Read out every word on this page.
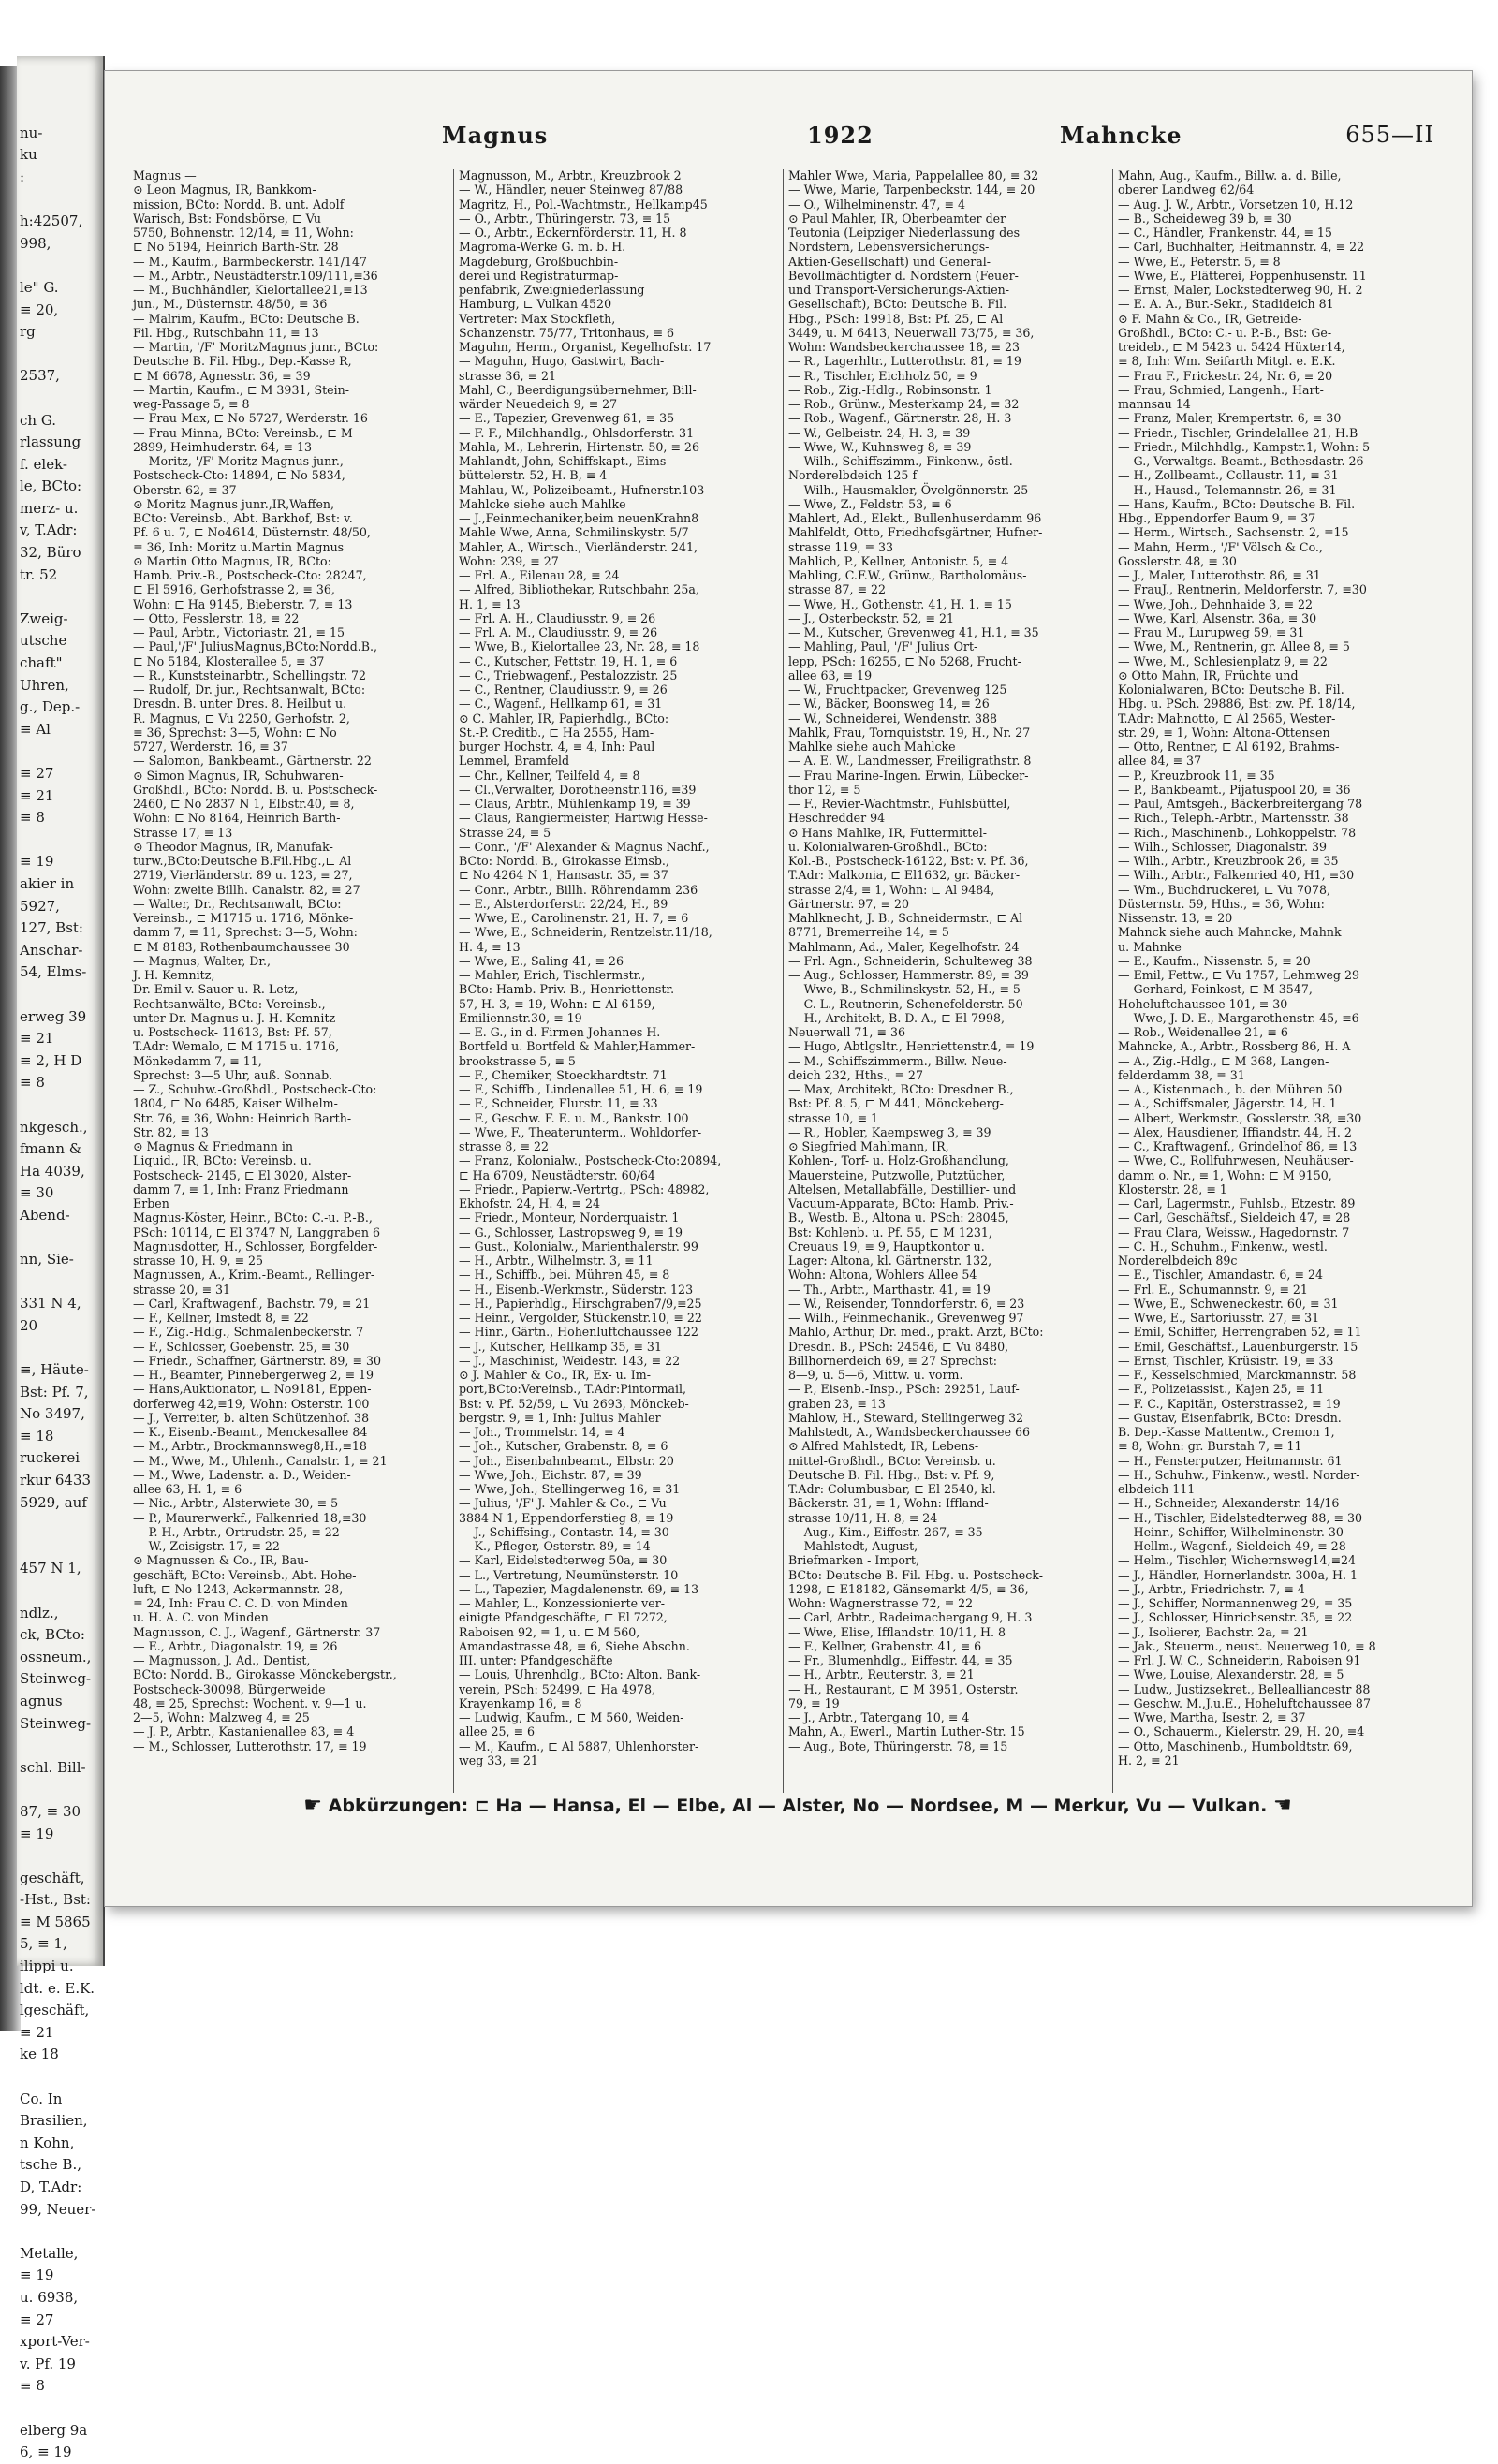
nu-
ku
:
h:42507,
998,
le" G.
≡ 20,
rg
2537,
ch G.
rlassung
f. elek-
le, BCto:
merz- u.
v, T.Adr:
32, Büro
tr. 52
Zweig-
utsche
chaft"
Uhren,
g., Dep.-
≡ Al
≡ 27
≡ 21
≡ 8
≡ 19
akier in
5927,
127, Bst:
Anschar-
54, Elms-
erweg 39
≡ 21
≡ 2, H D
≡ 8
nkgesch.,
fmann &
Ha 4039,
≡ 30
Abend-
nn, Sie-
331 N 4,
20
≡, Häute-
Bst: Pf. 7,
No 3497,
≡ 18
ruckerei
rkur 6433
5929, auf
457 N 1,
ndlz.,
ck, BCto:
ossneum.,
Steinweg-
agnus
Steinweg-
schl. Bill-
87, ≡ 30
≡ 19
geschäft,
-Hst., Bst:
≡ M 5865
5, ≡ 1,
ilippi u.
ldt. e. E.K.
lgeschäft,
≡ 21
ke 18
Co. In
Brasilien,
n Kohn,
tsche B.,
D, T.Adr:
99, Neuer-
Metalle,
≡ 19
u. 6938,
≡ 27
xport-Ver-
v. Pf. 19
≡ 8
elberg 9a
6, ≡ 19
Magnus	1922	Mahncke	655—II
Magnus —
⊙ Leon Magnus, IR, Bankkom-
mission, BCto: Nordd. B. unt. Adolf
Warisch, Bst: Fondsbörse, ⊏ Vu
5750, Bohnenstr. 12/14, ≡ 11, Wohn:
⊏ No 5194, Heinrich Barth-Str. 28
— M., Kaufm., Barmbeckerstr. 141/147
— M., Arbtr., Neustädterstr.109/111,≡36
— M., Buchhändler, Kielortallee21,≡13
jun., M., Düsternstr. 48/50, ≡ 36
— Malrim, Kaufm., BCto: Deutsche B.
Fil. Hbg., Rutschbahn 11, ≡ 13
— Martin, '/F' MoritzMagnus junr., BCto:
Deutsche B. Fil. Hbg., Dep.-Kasse R,
⊏ M 6678, Agnesstr. 36, ≡ 39
— Martin, Kaufm., ⊏ M 3931, Stein-
weg-Passage 5, ≡ 8
— Frau Max, ⊏ No 5727, Werderstr. 16
— Frau Minna, BCto: Vereinsb., ⊏ M
2899, Heimhuderstr. 64, ≡ 13
— Moritz, '/F' Moritz Magnus junr.,
Postscheck-Cto: 14894, ⊏ No 5834,
Oberstr. 62, ≡ 37
⊙ Moritz Magnus junr.,IR,Waffen,
BCto: Vereinsb., Abt. Barkhof, Bst: v.
Pf. 6 u. 7, ⊏ No4614, Düsternstr. 48/50,
≡ 36, Inh: Moritz u.Martin Magnus
⊙ Martin Otto Magnus, IR, BCto:
Hamb. Priv.-B., Postscheck-Cto: 28247,
⊏ El 5916, Gerhofstrasse 2, ≡ 36,
Wohn: ⊏ Ha 9145, Bieberstr. 7, ≡ 13
— Otto, Fesslerstr. 18, ≡ 22
— Paul, Arbtr., Victoriastr. 21, ≡ 15
— Paul,'/F' JuliusMagnus,BCto:Nordd.B.,
⊏ No 5184, Klosterallee 5, ≡ 37
— R., Kunststeinarbtr., Schellingstr. 72
— Rudolf, Dr. jur., Rechtsanwalt, BCto:
Dresdn. B. unter Dres. 8. Heilbut u.
R. Magnus, ⊏ Vu 2250, Gerhofstr. 2,
≡ 36, Sprechst: 3—5, Wohn: ⊏ No
5727, Werderstr. 16, ≡ 37
— Salomon, Bankbeamt., Gärtnerstr. 22
⊙ Simon Magnus, IR, Schuhwaren-
Großhdl., BCto: Nordd. B. u. Postscheck-
2460, ⊏ No 2837 N 1, Elbstr.40, ≡ 8,
Wohn: ⊏ No 8164, Heinrich Barth-
Strasse 17, ≡ 13
⊙ Theodor Magnus, IR, Manufak-
turw.,BCto:Deutsche B.Fil.Hbg.,⊏ Al
2719, Vierländerstr. 89 u. 123, ≡ 27,
Wohn: zweite Billh. Canalstr. 82, ≡ 27
— Walter, Dr., Rechtsanwalt, BCto:
Vereinsb., ⊏ M1715 u. 1716, Mönke-
damm 7, ≡ 11, Sprechst: 3—5, Wohn:
⊏ M 8183, Rothenbaumchaussee 30
— Magnus, Walter, Dr.,
J. H. Kemnitz,
Dr. Emil v. Sauer u. R. Letz,
Rechtsanwälte, BCto: Vereinsb.,
unter Dr. Magnus u. J. H. Kemnitz
u. Postscheck- 11613, Bst: Pf. 57,
T.Adr: Wemalo, ⊏ M 1715 u. 1716,
Mönkedamm 7, ≡ 11,
Sprechst: 3—5 Uhr, auß. Sonnab.
— Z., Schuhw.-Großhdl., Postscheck-Cto:
1804, ⊏ No 6485, Kaiser Wilhelm-
Str. 76, ≡ 36, Wohn: Heinrich Barth-
Str. 82, ≡ 13
⊙ Magnus & Friedmann in
Liquid., IR, BCto: Vereinsb. u.
Postscheck- 2145, ⊏ El 3020, Alster-
damm 7, ≡ 1, Inh: Franz Friedmann
Erben
Magnus-Köster, Heinr., BCto: C.-u. P.-B.,
PSch: 10114, ⊏ El 3747 N, Langgraben 6
Magnusdotter, H., Schlosser, Borgfelder-
strasse 10, H. 9, ≡ 25
Magnussen, A., Krim.-Beamt., Rellinger-
strasse 20, ≡ 31
— Carl, Kraftwagenf., Bachstr. 79, ≡ 21
— F., Kellner, Imstedt 8, ≡ 22
— F., Zig.-Hdlg., Schmalenbeckerstr. 7
— F., Schlosser, Goebenstr. 25, ≡ 30
— Friedr., Schaffner, Gärtnerstr. 89, ≡ 30
— H., Beamter, Pinnebergerweg 2, ≡ 19
— Hans,Auktionator, ⊏ No9181, Eppen-
dorferweg 42,≡19, Wohn: Osterstr. 100
— J., Verreiter, b. alten Schützenhof. 38
— K., Eisenb.-Beamt., Menckesallee 84
— M., Arbtr., Brockmannsweg8,H.,≡18
— M., Wwe, M., Uhlenh., Canalstr. 1, ≡ 21
— M., Wwe, Ladenstr. a. D., Weiden-
allee 63, H. 1, ≡ 6
— Nic., Arbtr., Alsterwiete 30, ≡ 5
— P., Maurerwerkf., Falkenried 18,≡30
— P. H., Arbtr., Ortrudstr. 25, ≡ 22
— W., Zeisigstr. 17, ≡ 22
⊙ Magnussen & Co., IR, Bau-
geschäft, BCto: Vereinsb., Abt. Hohe-
luft, ⊏ No 1243, Ackermannstr. 28,
≡ 24, Inh: Frau C. C. D. von Minden
u. H. A. C. von Minden
Magnusson, C. J., Wagenf., Gärtnerstr. 37
— E., Arbtr., Diagonalstr. 19, ≡ 26
— Magnusson, J. Ad., Dentist,
BCto: Nordd. B., Girokasse Mönckebergstr.,
Postscheck-30098, Bürgerweide
48, ≡ 25, Sprechst: Wochent. v. 9—1 u.
2—5, Wohn: Malzweg 4, ≡ 25
— J. P., Arbtr., Kastanienallee 83, ≡ 4
— M., Schlosser, Lutterothstr. 17, ≡ 19
Magnusson, M., Arbtr., Kreuzbrook 2
— W., Händler, neuer Steinweg 87/88
Magritz, H., Pol.-Wachtmstr., Hellkamp45
— O., Arbtr., Thüringerstr. 73, ≡ 15
— O., Arbtr., Eckernförderstr. 11, H. 8
Magroma-Werke G. m. b. H.
Magdeburg, Großbuchbin-
derei und Registraturmap-
penfabrik, Zweigniederlassung
Hamburg, ⊏ Vulkan 4520
Vertreter: Max Stockfleth,
Schanzenstr. 75/77, Tritonhaus, ≡ 6
Maguhn, Herm., Organist, Kegelhofstr. 17
— Maguhn, Hugo, Gastwirt, Bach-
strasse 36, ≡ 21
Mahl, C., Beerdigungsübernehmer, Bill-
wärder Neuedeich 9, ≡ 27
— E., Tapezier, Grevenweg 61, ≡ 35
— F. F., Milchhandlg., Ohlsdorferstr. 31
Mahla, M., Lehrerin, Hirtenstr. 50, ≡ 26
Mahlandt, John, Schiffskapt., Eims-
büttelerstr. 52, H. B, ≡ 4
Mahlau, W., Polizeibeamt., Hufnerstr.103
Mahlcke siehe auch Mahlke
— J.,Feinmechaniker,beim neuenKrahn8
Mahle Wwe, Anna, Schmilinskystr. 5/7
Mahler, A., Wirtsch., Vierländerstr. 241,
Wohn: 239, ≡ 27
— Frl. A., Eilenau 28, ≡ 24
— Alfred, Bibliothekar, Rutschbahn 25a,
H. 1, ≡ 13
— Frl. A. H., Claudiusstr. 9, ≡ 26
— Frl. A. M., Claudiusstr. 9, ≡ 26
— Wwe, B., Kielortallee 23, Nr. 28, ≡ 18
— C., Kutscher, Fettstr. 19, H. 1, ≡ 6
— C., Triebwagenf., Pestalozzistr. 25
— C., Rentner, Claudiusstr. 9, ≡ 26
— C., Wagenf., Hellkamp 61, ≡ 31
⊙ C. Mahler, IR, Papierhdlg., BCto:
St.-P. Creditb., ⊏ Ha 2555, Ham-
burger Hochstr. 4, ≡ 4, Inh: Paul
Lemmel, Bramfeld
— Chr., Kellner, Teilfeld 4, ≡ 8
— Cl.,Verwalter, Dorotheenstr.116, ≡39
— Claus, Arbtr., Mühlenkamp 19, ≡ 39
— Claus, Rangiermeister, Hartwig Hesse-
Strasse 24, ≡ 5
— Conr., '/F' Alexander & Magnus Nachf.,
BCto: Nordd. B., Girokasse Eimsb.,
⊏ No 4264 N 1, Hansastr. 35, ≡ 37
— Conr., Arbtr., Billh. Röhrendamm 236
— E., Alsterdorferstr. 22/24, H., 89
— Wwe, E., Carolinenstr. 21, H. 7, ≡ 6
— Wwe, E., Schneiderin, Rentzelstr.11/18,
H. 4, ≡ 13
— Wwe, E., Saling 41, ≡ 26
— Mahler, Erich, Tischlermstr.,
BCto: Hamb. Priv.-B., Henriettenstr.
57, H. 3, ≡ 19, Wohn: ⊏ Al 6159,
Emiliennstr.30, ≡ 19
— E. G., in d. Firmen Johannes H.
Bortfeld u. Bortfeld & Mahler,Hammer-
brookstrasse 5, ≡ 5
— F., Chemiker, Stoeckhardtstr. 71
— F., Schiffb., Lindenallee 51, H. 6, ≡ 19
— F., Schneider, Flurstr. 11, ≡ 33
— F., Geschw. F. E. u. M., Bankstr. 100
— Wwe, F., Theaterunterm., Wohldorfer-
strasse 8, ≡ 22
— Franz, Kolonialw., Postscheck-Cto:20894,
⊏ Ha 6709, Neustädterstr. 60/64
— Friedr., Papierw.-Vertrtg., PSch: 48982,
Ekhofstr. 24, H. 4, ≡ 24
— Friedr., Monteur, Norderquaistr. 1
— G., Schlosser, Lastropsweg 9, ≡ 19
— Gust., Kolonialw., Marienthalerstr. 99
— H., Arbtr., Wilhelmstr. 3, ≡ 11
— H., Schiffb., bei. Mühren 45, ≡ 8
— H., Eisenb.-Werkmstr., Süderstr. 123
— H., Papierhdlg., Hirschgraben7/9,≡25
— Heinr., Vergolder, Stückenstr.10, ≡ 22
— Hinr., Gärtn., Hohenluftchaussee 122
— J., Kutscher, Hellkamp 35, ≡ 31
— J., Maschinist, Weidestr. 143, ≡ 22
⊙ J. Mahler & Co., IR, Ex- u. Im-
port,BCto:Vereinsb., T.Adr:Pintormail,
Bst: v. Pf. 52/59, ⊏ Vu 2693, Mönckeb-
bergstr. 9, ≡ 1, Inh: Julius Mahler
— Joh., Trommelstr. 14, ≡ 4
— Joh., Kutscher, Grabenstr. 8, ≡ 6
— Joh., Eisenbahnbeamt., Elbstr. 20
— Wwe, Joh., Eichstr. 87, ≡ 39
— Wwe, Joh., Stellingerweg 16, ≡ 31
— Julius, '/F' J. Mahler & Co., ⊏ Vu
3884 N 1, Eppendorferstieg 8, ≡ 19
— J., Schiffsing., Contastr. 14, ≡ 30
— K., Pfleger, Osterstr. 89, ≡ 14
— Karl, Eidelstedterweg 50a, ≡ 30
— L., Vertretung, Neumünsterstr. 10
— L., Tapezier, Magdalenenstr. 69, ≡ 13
— Mahler, L., Konzessionierte ver-
einigte Pfandgeschäfte, ⊏ El 7272,
Raboisen 92, ≡ 1, u. ⊏ M 560,
Amandastrasse 48, ≡ 6, Siehe Abschn.
III. unter: Pfandgeschäfte
— Louis, Uhrenhdlg., BCto: Alton. Bank-
verein, PSch: 52499, ⊏ Ha 4978,
Krayenkamp 16, ≡ 8
— Ludwig, Kaufm., ⊏ M 560, Weiden-
allee 25, ≡ 6
— M., Kaufm., ⊏ Al 5887, Uhlenhorster-
weg 33, ≡ 21
Mahler Wwe, Maria, Pappelallee 80, ≡ 32
— Wwe, Marie, Tarpenbeckstr. 144, ≡ 20
— O., Wilhelminenstr. 47, ≡ 4
⊙ Paul Mahler, IR, Oberbeamter der
Teutonia (Leipziger Niederlassung des
Nordstern, Lebensversicherungs-
Aktien-Gesellschaft) und General-
Bevollmächtigter d. Nordstern (Feuer-
und Transport-Versicherungs-Aktien-
Gesellschaft), BCto: Deutsche B. Fil.
Hbg., PSch: 19918, Bst: Pf. 25, ⊏ Al
3449, u. M 6413, Neuerwall 73/75, ≡ 36,
Wohn: Wandsbeckerchaussee 18, ≡ 23
— R., Lagerhltr., Lutterothstr. 81, ≡ 19
— R., Tischler, Eichholz 50, ≡ 9
— Rob., Zig.-Hdlg., Robinsonstr. 1
— Rob., Grünw., Mesterkamp 24, ≡ 32
— Rob., Wagenf., Gärtnerstr. 28, H. 3
— W., Gelbeistr. 24, H. 3, ≡ 39
— Wwe, W., Kuhnsweg 8, ≡ 39
— Wilh., Schiffszimm., Finkenw., östl.
Norderelbdeich 125 f
— Wilh., Hausmakler, Övelgönnerstr. 25
— Wwe, Z., Feldstr. 53, ≡ 6
Mahlert, Ad., Elekt., Bullenhuserdamm 96
Mahlfeldt, Otto, Friedhofsgärtner, Hufner-
strasse 119, ≡ 33
Mahlich, P., Kellner, Antonistr. 5, ≡ 4
Mahling, C.F.W., Grünw., Bartholomäus-
strasse 87, ≡ 22
— Wwe, H., Gothenstr. 41, H. 1, ≡ 15
— J., Osterbeckstr. 52, ≡ 21
— M., Kutscher, Grevenweg 41, H.1, ≡ 35
— Mahling, Paul, '/F' Julius Ort-
lepp, PSch: 16255, ⊏ No 5268, Frucht-
allee 63, ≡ 19
— W., Fruchtpacker, Grevenweg 125
— W., Bäcker, Boonsweg 14, ≡ 26
— W., Schneiderei, Wendenstr. 388
Mahlk, Frau, Tornquiststr. 19, H., Nr. 27
Mahlke siehe auch Mahlcke
— A. E. W., Landmesser, Freiligrathstr. 8
— Frau Marine-Ingen. Erwin, Lübecker-
thor 12, ≡ 5
— F., Revier-Wachtmstr., Fuhlsbüttel,
Heschredder 94
⊙ Hans Mahlke, IR, Futtermittel-
u. Kolonialwaren-Großhdl., BCto:
Kol.-B., Postscheck-16122, Bst: v. Pf. 36,
T.Adr: Malkonia, ⊏ El1632, gr. Bäcker-
strasse 2/4, ≡ 1, Wohn: ⊏ Al 9484,
Gärtnerstr. 97, ≡ 20
Mahlknecht, J. B., Schneidermstr., ⊏ Al
8771, Bremerreihe 14, ≡ 5
Mahlmann, Ad., Maler, Kegelhofstr. 24
— Frl. Agn., Schneiderin, Schulteweg 38
— Aug., Schlosser, Hammerstr. 89, ≡ 39
— Wwe, B., Schmilinskystr. 52, H., ≡ 5
— C. L., Reutnerin, Schenefelderstr. 50
— H., Architekt, B. D. A., ⊏ El 7998,
Neuerwall 71, ≡ 36
— Hugo, Abtlgsltr., Henriettenstr.4, ≡ 19
— M., Schiffszimmerm., Billw. Neue-
deich 232, Hths., ≡ 27
— Max, Architekt, BCto: Dresdner B.,
Bst: Pf. 8. 5, ⊏ M 441, Mönckeberg-
strasse 10, ≡ 1
— R., Hobler, Kaempsweg 3, ≡ 39
⊙ Siegfried Mahlmann, IR,
Kohlen-, Torf- u. Holz-Großhandlung,
Mauersteine, Putzwolle, Putztücher,
Altelsen, Metallabfälle, Destillier- und
Vacuum-Apparate, BCto: Hamb. Priv.-
B., Westb. B., Altona u. PSch: 28045,
Bst: Kohlenb. u. Pf. 55, ⊏ M 1231,
Creuaus 19, ≡ 9, Hauptkontor u.
Lager: Altona, kl. Gärtnerstr. 132,
Wohn: Altona, Wohlers Allee 54
— Th., Arbtr., Marthastr. 41, ≡ 19
— W., Reisender, Tonndorferstr. 6, ≡ 23
— Wilh., Feinmechanik., Grevenweg 97
Mahlo, Arthur, Dr. med., prakt. Arzt, BCto:
Dresdn. B., PSch: 24546, ⊏ Vu 8480,
Billhornerdeich 69, ≡ 27 Sprechst:
8—9, u. 5—6, Mittw. u. vorm.
— P., Eisenb.-Insp., PSch: 29251, Lauf-
graben 23, ≡ 13
Mahlow, H., Steward, Stellingerweg 32
Mahlstedt, A., Wandsbeckerchaussee 66
⊙ Alfred Mahlstedt, IR, Lebens-
mittel-Großhdl., BCto: Vereinsb. u.
Deutsche B. Fil. Hbg., Bst: v. Pf. 9,
T.Adr: Columbusbar, ⊏ El 2540, kl.
Bäckerstr. 31, ≡ 1, Wohn: Iffland-
strasse 10/11, H. 8, ≡ 24
— Aug., Kim., Eiffestr. 267, ≡ 35
— Mahlstedt, August,
Briefmarken - Import,
BCto: Deutsche B. Fil. Hbg. u. Postscheck-
1298, ⊏ E18182, Gänsemarkt 4/5, ≡ 36,
Wohn: Wagnerstrasse 72, ≡ 22
— Carl, Arbtr., Radeimachergang 9, H. 3
— Wwe, Elise, Ifflandstr. 10/11, H. 8
— F., Kellner, Grabenstr. 41, ≡ 6
— Fr., Blumenhdlg., Eiffestr. 44, ≡ 35
— H., Arbtr., Reuterstr. 3, ≡ 21
— H., Restaurant, ⊏ M 3951, Osterstr.
79, ≡ 19
— J., Arbtr., Tatergang 10, ≡ 4
Mahn, A., Ewerl., Martin Luther-Str. 15
— Aug., Bote, Thüringerstr. 78, ≡ 15
Mahn, Aug., Kaufm., Billw. a. d. Bille,
oberer Landweg 62/64
— Aug. J. W., Arbtr., Vorsetzen 10, H.12
— B., Scheideweg 39 b, ≡ 30
— C., Händler, Frankenstr. 44, ≡ 15
— Carl, Buchhalter, Heitmannstr. 4, ≡ 22
— Wwe, E., Peterstr. 5, ≡ 8
— Wwe, E., Plätterei, Poppenhusenstr. 11
— Ernst, Maler, Lockstedterweg 90, H. 2
— E. A. A., Bur.-Sekr., Stadideich 81
⊙ F. Mahn & Co., IR, Getreide-
Großhdl., BCto: C.- u. P.-B., Bst: Ge-
treideb., ⊏ M 5423 u. 5424 Hüxter14,
≡ 8, Inh: Wm. Seifarth Mitgl. e. E.K.
— Frau F., Frickestr. 24, Nr. 6, ≡ 20
— Frau, Schmied, Langenh., Hart-
mannsau 14
— Franz, Maler, Krempertstr. 6, ≡ 30
— Friedr., Tischler, Grindelallee 21, H.B
— Friedr., Milchhdlg., Kampstr.1, Wohn: 5
— G., Verwaltgs.-Beamt., Bethesdastr. 26
— H., Zollbeamt., Collaustr. 11, ≡ 31
— H., Hausd., Telemannstr. 26, ≡ 31
— Hans, Kaufm., BCto: Deutsche B. Fil.
Hbg., Eppendorfer Baum 9, ≡ 37
— Herm., Wirtsch., Sachsenstr. 2, ≡15
— Mahn, Herm., '/F' Völsch & Co.,
Gosslerstr. 48, ≡ 30
— J., Maler, Lutterothstr. 86, ≡ 31
— FrauJ., Rentnerin, Meldorferstr. 7, ≡30
— Wwe, Joh., Dehnhaide 3, ≡ 22
— Wwe, Karl, Alsenstr. 36a, ≡ 30
— Frau M., Lurupweg 59, ≡ 31
— Wwe, M., Rentnerin, gr. Allee 8, ≡ 5
— Wwe, M., Schlesienplatz 9, ≡ 22
⊙ Otto Mahn, IR, Früchte und
Kolonialwaren, BCto: Deutsche B. Fil.
Hbg. u. PSch. 29886, Bst: zw. Pf. 18/14,
T.Adr: Mahnotto, ⊏ Al 2565, Wester-
str. 29, ≡ 1, Wohn: Altona-Ottensen
— Otto, Rentner, ⊏ Al 6192, Brahms-
allee 84, ≡ 37
— P., Kreuzbrook 11, ≡ 35
— P., Bankbeamt., Pijatuspool 20, ≡ 36
— Paul, Amtsgeh., Bäckerbreitergang 78
— Rich., Teleph.-Arbtr., Martensstr. 38
— Rich., Maschinenb., Lohkoppelstr. 78
— Wilh., Schlosser, Diagonalstr. 39
— Wilh., Arbtr., Kreuzbrook 26, ≡ 35
— Wilh., Arbtr., Falkenried 40, H1, ≡30
— Wm., Buchdruckerei, ⊏ Vu 7078,
Düsternstr. 59, Hths., ≡ 36, Wohn:
Nissenstr. 13, ≡ 20
Mahnck siehe auch Mahncke, Mahnk
u. Mahnke
— E., Kaufm., Nissenstr. 5, ≡ 20
— Emil, Fettw., ⊏ Vu 1757, Lehmweg 29
— Gerhard, Feinkost, ⊏ M 3547,
Hoheluftchaussee 101, ≡ 30
— Wwe, J. D. E., Margarethenstr. 45, ≡6
— Rob., Weidenallee 21, ≡ 6
Mahncke, A., Arbtr., Rossberg 86, H. A
— A., Zig.-Hdlg., ⊏ M 368, Langen-
felderdamm 38, ≡ 31
— A., Kistenmach., b. den Mühren 50
— A., Schiffsmaler, Jägerstr. 14, H. 1
— Albert, Werkmstr., Gosslerstr. 38, ≡30
— Alex, Hausdiener, Iffiandstr. 44, H. 2
— C., Kraftwagenf., Grindelhof 86, ≡ 13
— Wwe, C., Rollfuhrwesen, Neuhäuser-
damm o. Nr., ≡ 1, Wohn: ⊏ M 9150,
Klosterstr. 28, ≡ 1
— Carl, Lagermstr., Fuhlsb., Etzestr. 89
— Carl, Geschäftsf., Sieldeich 47, ≡ 28
— Frau Clara, Weissw., Hagedornstr. 7
— C. H., Schuhm., Finkenw., westl.
Norderelbdeich 89c
— E., Tischler, Amandastr. 6, ≡ 24
— Frl. E., Schumannstr. 9, ≡ 21
— Wwe, E., Schweneckestr. 60, ≡ 31
— Wwe, E., Sartoriusstr. 27, ≡ 31
— Emil, Schiffer, Herrengraben 52, ≡ 11
— Emil, Geschäftsf., Lauenburgerstr. 15
— Ernst, Tischler, Krüsistr. 19, ≡ 33
— F., Kesselschmied, Marckmannstr. 58
— F., Polizeiassist., Kajen 25, ≡ 11
— F. C., Kapitän, Osterstrasse2, ≡ 19
— Gustav, Eisenfabrik, BCto: Dresdn.
B. Dep.-Kasse Mattentw., Cremon 1,
≡ 8, Wohn: gr. Burstah 7, ≡ 11
— H., Fensterputzer, Heitmannstr. 61
— H., Schuhw., Finkenw., westl. Norder-
elbdeich 111
— H., Schneider, Alexanderstr. 14/16
— H., Tischler, Eidelstedterweg 88, ≡ 30
— Heinr., Schiffer, Wilhelminenstr. 30
— Hellm., Wagenf., Sieldeich 49, ≡ 28
— Helm., Tischler, Wichernsweg14,≡24
— J., Händler, Hornerlandstr. 300a, H. 1
— J., Arbtr., Friedrichstr. 7, ≡ 4
— J., Schiffer, Normannenweg 29, ≡ 35
— J., Schlosser, Hinrichsenstr. 35, ≡ 22
— J., Isolierer, Bachstr. 2a, ≡ 21
— Jak., Steuerm., neust. Neuerweg 10, ≡ 8
— Frl. J. W. C., Schneiderin, Raboisen 91
— Wwe, Louise, Alexanderstr. 28, ≡ 5
— Ludw., Justizsekret., Bellealliancestr 88
— Geschw. M.,J.u.E., Hoheluftchaussee 87
— Wwe, Martha, Isestr. 2, ≡ 37
— O., Schauerm., Kielerstr. 29, H. 20, ≡4
— Otto, Maschinenb., Humboldtstr. 69,
H. 2, ≡ 21
☛ Abkürzungen: ⊏ Ha — Hansa, El — Elbe, Al — Alster, No — Nordsee, M — Merkur, Vu — Vulkan. ☚
